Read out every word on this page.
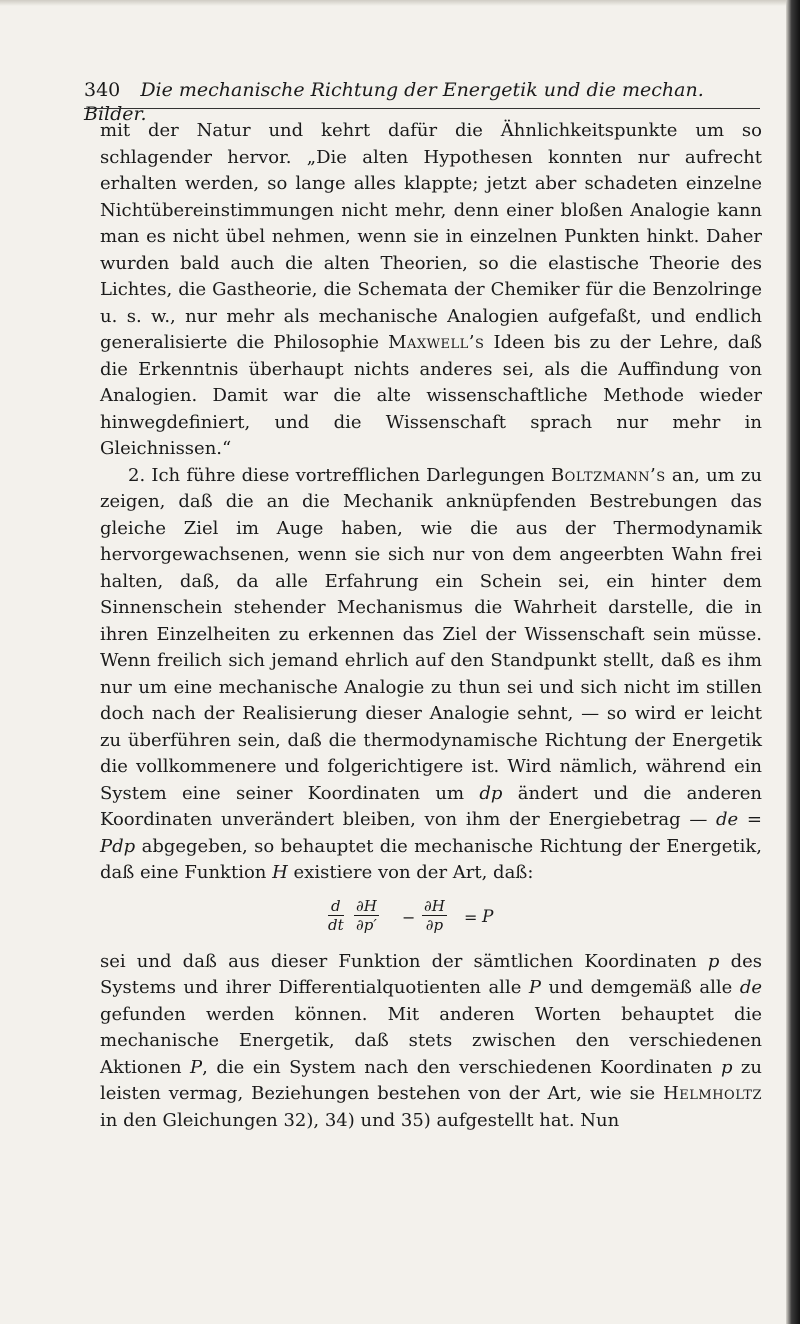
340 Die mechanische Richtung der Energetik und die mechan. Bilder.

mit der Natur und kehrt dafür die Ähnlichkeitspunkte um so schlagender hervor. „Die alten Hypothesen konnten nur aufrecht erhalten werden, so lange alles klappte; jetzt aber schadeten einzelne Nichtübereinstimmungen nicht mehr, denn einer bloßen Analogie kann man es nicht übel nehmen, wenn sie in einzelnen Punkten hinkt. Daher wurden bald auch die alten Theorien, so die elastische Theorie des Lichtes, die Gastheorie, die Schemata der Chemiker für die Benzolringe u. s. w., nur mehr als mechanische Analogien aufgefaßt, und endlich generalisierte die Philosophie Maxwell’s Ideen bis zu der Lehre, daß die Erkenntnis überhaupt nichts anderes sei, als die Auffindung von Analogien. Damit war die alte wissenschaftliche Methode wieder hinwegdefiniert, und die Wissenschaft sprach nur mehr in Gleichnissen.“

2. Ich führe diese vortrefflichen Darlegungen Boltzmann’s an, um zu zeigen, daß die an die Mechanik anknüpfenden Bestrebungen das gleiche Ziel im Auge haben, wie die aus der Thermodynamik hervorgewachsenen, wenn sie sich nur von dem angeerbten Wahn frei halten, daß, da alle Erfahrung ein Schein sei, ein hinter dem Sinnenschein stehender Mechanismus die Wahrheit darstelle, die in ihren Einzelheiten zu erkennen das Ziel der Wissenschaft sein müsse. Wenn freilich sich jemand ehrlich auf den Standpunkt stellt, daß es ihm nur um eine mechanische Analogie zu thun sei und sich nicht im stillen doch nach der Realisierung dieser Analogie sehnt, — so wird er leicht zu überführen sein, daß die thermodynamische Richtung der Energetik die vollkommenere und folgerichtigere ist. Wird nämlich, während ein System eine seiner Koordinaten um dp ändert und die anderen Koordinaten unverändert bleiben, von ihm der Energiebetrag — de = Pdp abgegeben, so behauptet die mechanische Richtung der Energetik, daß eine Funktion H existiere von der Art, daß:

$\frac{d}{dt} \frac{\partial H}{\partial p'} - \frac{\partial H}{\partial p} = P$

sei und daß aus dieser Funktion der sämtlichen Koordinaten p des Systems und ihrer Differentialquotienten alle P und demgemäß alle de gefunden werden können. Mit anderen Worten behauptet die mechanische Energetik, daß stets zwischen den verschiedenen Aktionen P, die ein System nach den verschiedenen Koordinaten p zu leisten vermag, Beziehungen bestehen von der Art, wie sie Helmholtz in den Gleichungen 32), 34) und 35) aufgestellt hat. Nun
